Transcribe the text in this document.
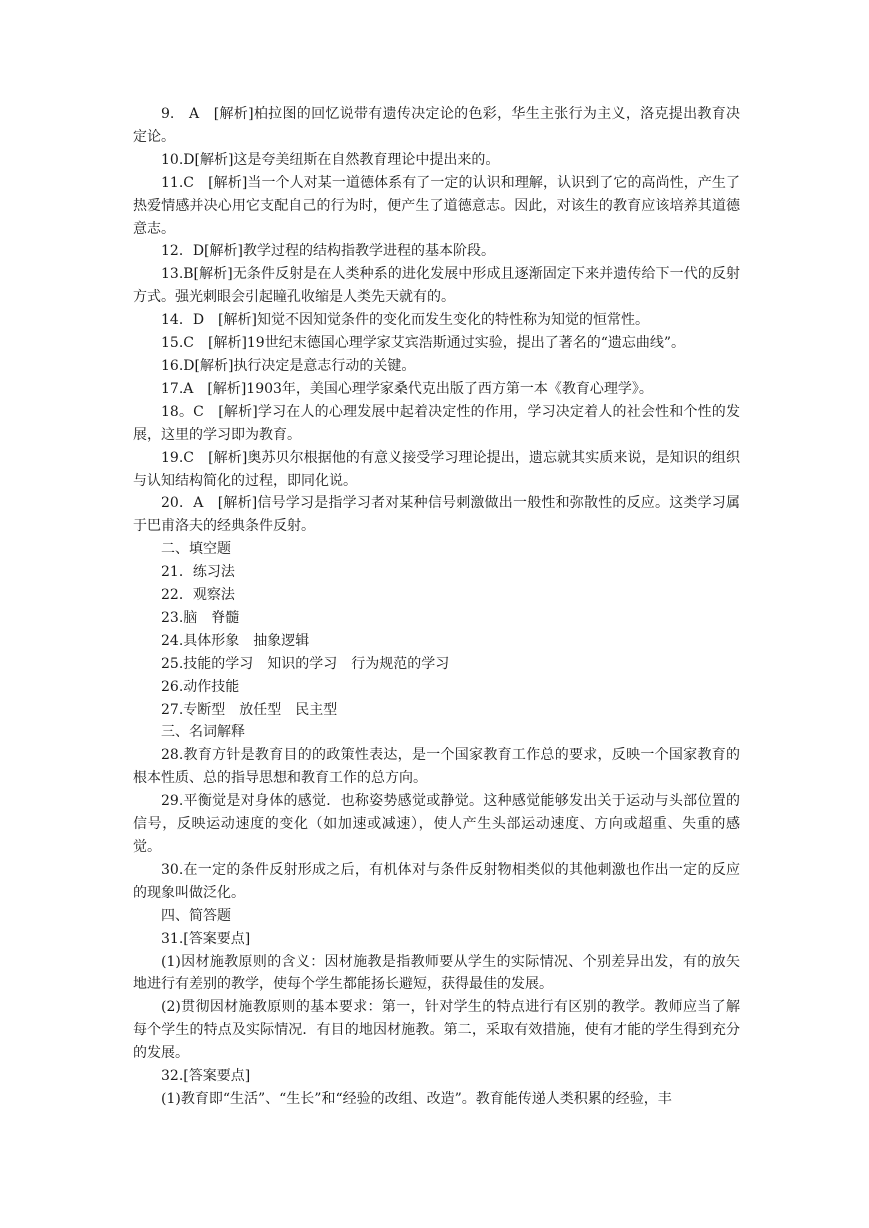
9.　A　[解析]柏拉图的回忆说带有遗传决定论的色彩，华生主张行为主义，洛克提出教育决定论。

10.D[解析]这是夸美纽斯在自然教育理论中提出来的。

11.C　[解析]当一个人对某一道德体系有了一定的认识和理解，认识到了它的高尚性，产生了热爱情感并决心用它支配自己的行为时，便产生了道德意志。因此，对该生的教育应该培养其道德意志。

12．D[解析]教学过程的结构指教学进程的基本阶段。

13.B[解析]无条件反射是在人类种系的进化发展中形成且逐渐固定下来并遗传给下一代的反射方式。强光刺眼会引起瞳孔收缩是人类先天就有的。

14．D　[解析]知觉不因知觉条件的变化而发生变化的特性称为知觉的恒常性。

15.C　[解析]19世纪末德国心理学家艾宾浩斯通过实验，提出了著名的“遗忘曲线”。

16.D[解析]执行决定是意志行动的关键。

17.A　[解析]1903年，美国心理学家桑代克出版了西方第一本《教育心理学》。

18。C　[解析]学习在人的心理发展中起着决定性的作用，学习决定着人的社会性和个性的发展，这里的学习即为教育。

19.C　[解析]奥苏贝尔根据他的有意义接受学习理论提出，遗忘就其实质来说，是知识的组织与认知结构简化的过程，即同化说。

20．A　[解析]信号学习是指学习者对某种信号刺激做出一般性和弥散性的反应。这类学习属于巴甫洛夫的经典条件反射。

二、填空题

21．练习法

22．观察法

23.脑　脊髓

24.具体形象　抽象逻辑

25.技能的学习　知识的学习　行为规范的学习

26.动作技能

27.专断型　放任型　民主型

三、名词解释

28.教育方针是教育目的的政策性表达，是一个国家教育工作总的要求，反映一个国家教育的根本性质、总的指导思想和教育工作的总方向。

29.平衡觉是对身体的感觉．也称姿势感觉或静觉。这种感觉能够发出关于运动与头部位置的信号，反映运动速度的变化（如加速或减速），使人产生头部运动速度、方向或超重、失重的感觉。

30.在一定的条件反射形成之后，有机体对与条件反射物相类似的其他刺激也作出一定的反应的现象叫做泛化。

四、简答题

31.[答案要点]

(1)因材施教原则的含义：因材施教是指教师要从学生的实际情况、个别差异出发，有的放矢地进行有差别的教学，使每个学生都能扬长避短，获得最佳的发展。

(2)贯彻因材施教原则的基本要求：第一，针对学生的特点进行有区别的教学。教师应当了解每个学生的特点及实际情况．有目的地因材施教。第二，采取有效措施，使有才能的学生得到充分的发展。

32.[答案要点]

(1)教育即“生活”、“生长”和“经验的改组、改造”。教育能传递人类积累的经验，丰
